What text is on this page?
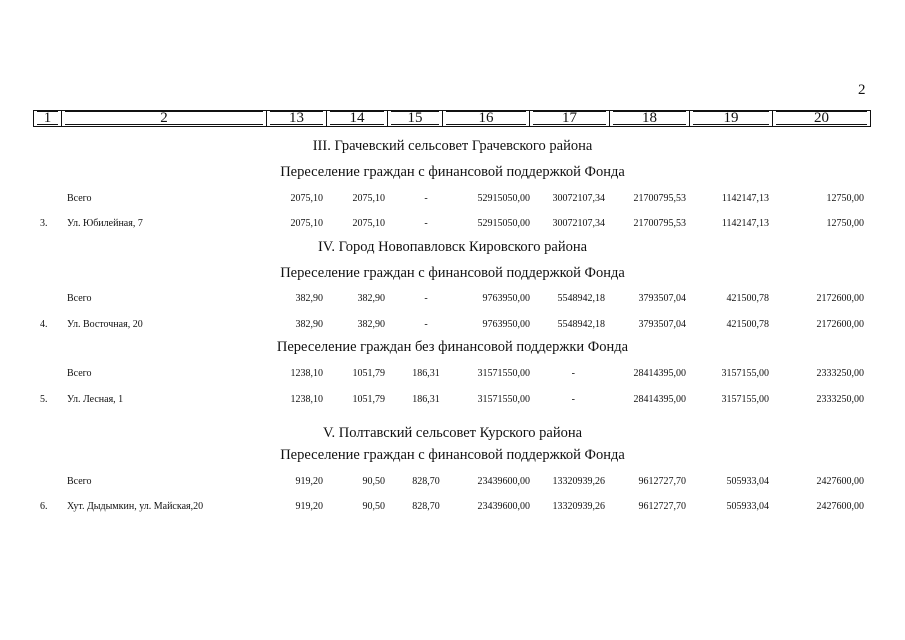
2
1	2	13	14	15	16	17	18	19	20
III. Грачевский сельсовет Грачевского района
Переселение граждан с финансовой поддержкой Фонда
Всего	2075,10	2075,10	-	52915050,00 30072107,34	21700795,53	1142147,13	12750,00
3. Ул. Юбилейная, 7	2075,10	2075,10	-	52915050,00 30072107,34	21700795,53	1142147,13	12750,00
IV. Город Новопавловск Кировского района
Переселение граждан с финансовой поддержкой Фонда
Всего	382,90	382,90	-	9763950,00	5548942,18	3793507,04	421500,78	2172600,00
4. Ул. Восточная, 20	382,90	382,90	-	9763950,00	5548942,18	3793507,04	421500,78	2172600,00
Переселение граждан без финансовой поддержки Фонда
Всего	1238,10	1051,79	186,31	31571550,00	-	28414395,00	3157155,00	2333250,00
5. Ул. Лесная, 1	1238,10	1051,79	186,31	31571550,00	-	28414395,00	3157155,00	2333250,00
V. Полтавский сельсовет Курского района
Переселение граждан с финансовой поддержкой Фонда
Всего	919,20	90,50	828,70	23439600,00 13320939,26	9612727,70	505933,04	2427600,00
6. Хут. Дыдымкин, ул. Майская,20	919,20	90,50	828,70	23439600,00 13320939,26	9612727,70	505933,04	2427600,00
